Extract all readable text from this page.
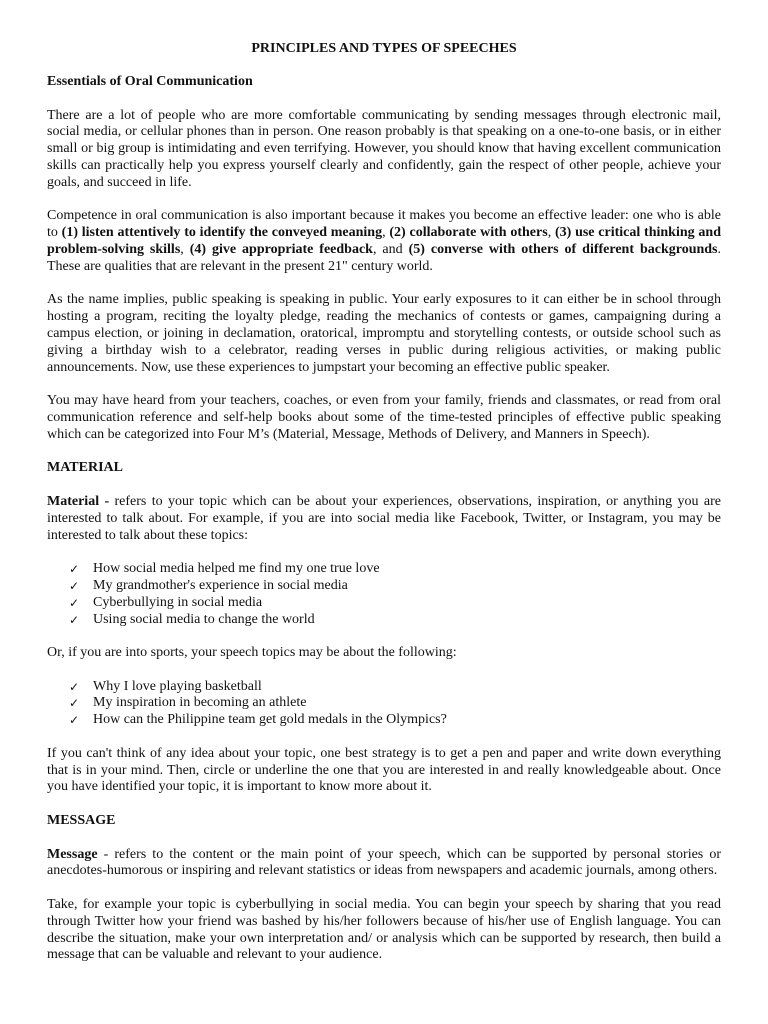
PRINCIPLES AND TYPES OF SPEECHES
Essentials of Oral Communication

There are a lot of people who are more comfortable communicating by sending messages through electronic mail, social media, or cellular phones than in person. One reason probably is that speaking on a one-to-one basis, or in either small or big group is intimidating and even terrifying. However, you should know that having excellent communication skills can practically help you express yourself clearly and confidently, gain the respect of other people, achieve your goals, and succeed in life.

Competence in oral communication is also important because it makes you become an effective leader: one who is able to (1) listen attentively to identify the conveyed meaning, (2) collaborate with others, (3) use critical thinking and problem-solving skills, (4) give appropriate feedback, and (5) converse with others of different backgrounds. These are qualities that are relevant in the present 21" century world.

As the name implies, public speaking is speaking in public. Your early exposures to it can either be in school through hosting a program, reciting the loyalty pledge, reading the mechanics of contests or games, campaigning during a campus election, or joining in declamation, oratorical, impromptu and storytelling contests, or outside school such as giving a birthday wish to a celebrator, reading verses in public during religious activities, or making public announcements. Now, use these experiences to jumpstart your becoming an effective public speaker.

You may have heard from your teachers, coaches, or even from your family, friends and classmates, or read from oral communication reference and self-help books about some of the time-tested principles of effective public speaking which can be categorized into Four M’s (Material, Message, Methods of Delivery, and Manners in Speech).

MATERIAL

Material - refers to your topic which can be about your experiences, observations, inspiration, or anything you are interested to talk about. For example, if you are into social media like Facebook, Twitter, or Instagram, you may be interested to talk about these topics:

✓ How social media helped me find my one true love
✓ My grandmother's experience in social media
✓ Cyberbullying in social media
✓ Using social media to change the world

Or, if you are into sports, your speech topics may be about the following:

✓ Why I love playing basketball
✓ My inspiration in becoming an athlete
✓ How can the Philippine team get gold medals in the Olympics?

If you can't think of any idea about your topic, one best strategy is to get a pen and paper and write down everything that is in your mind. Then, circle or underline the one that you are interested in and really knowledgeable about. Once you have identified your topic, it is important to know more about it.

MESSAGE

Message - refers to the content or the main point of your speech, which can be supported by personal stories or anecdotes-humorous or inspiring and relevant statistics or ideas from newspapers and academic journals, among others.

Take, for example your topic is cyberbullying in social media. You can begin your speech by sharing that you read through Twitter how your friend was bashed by his/her followers because of his/her use of English language. You can describe the situation, make your own interpretation and/ or analysis which can be supported by research, then build a message that can be valuable and relevant to your audience.
